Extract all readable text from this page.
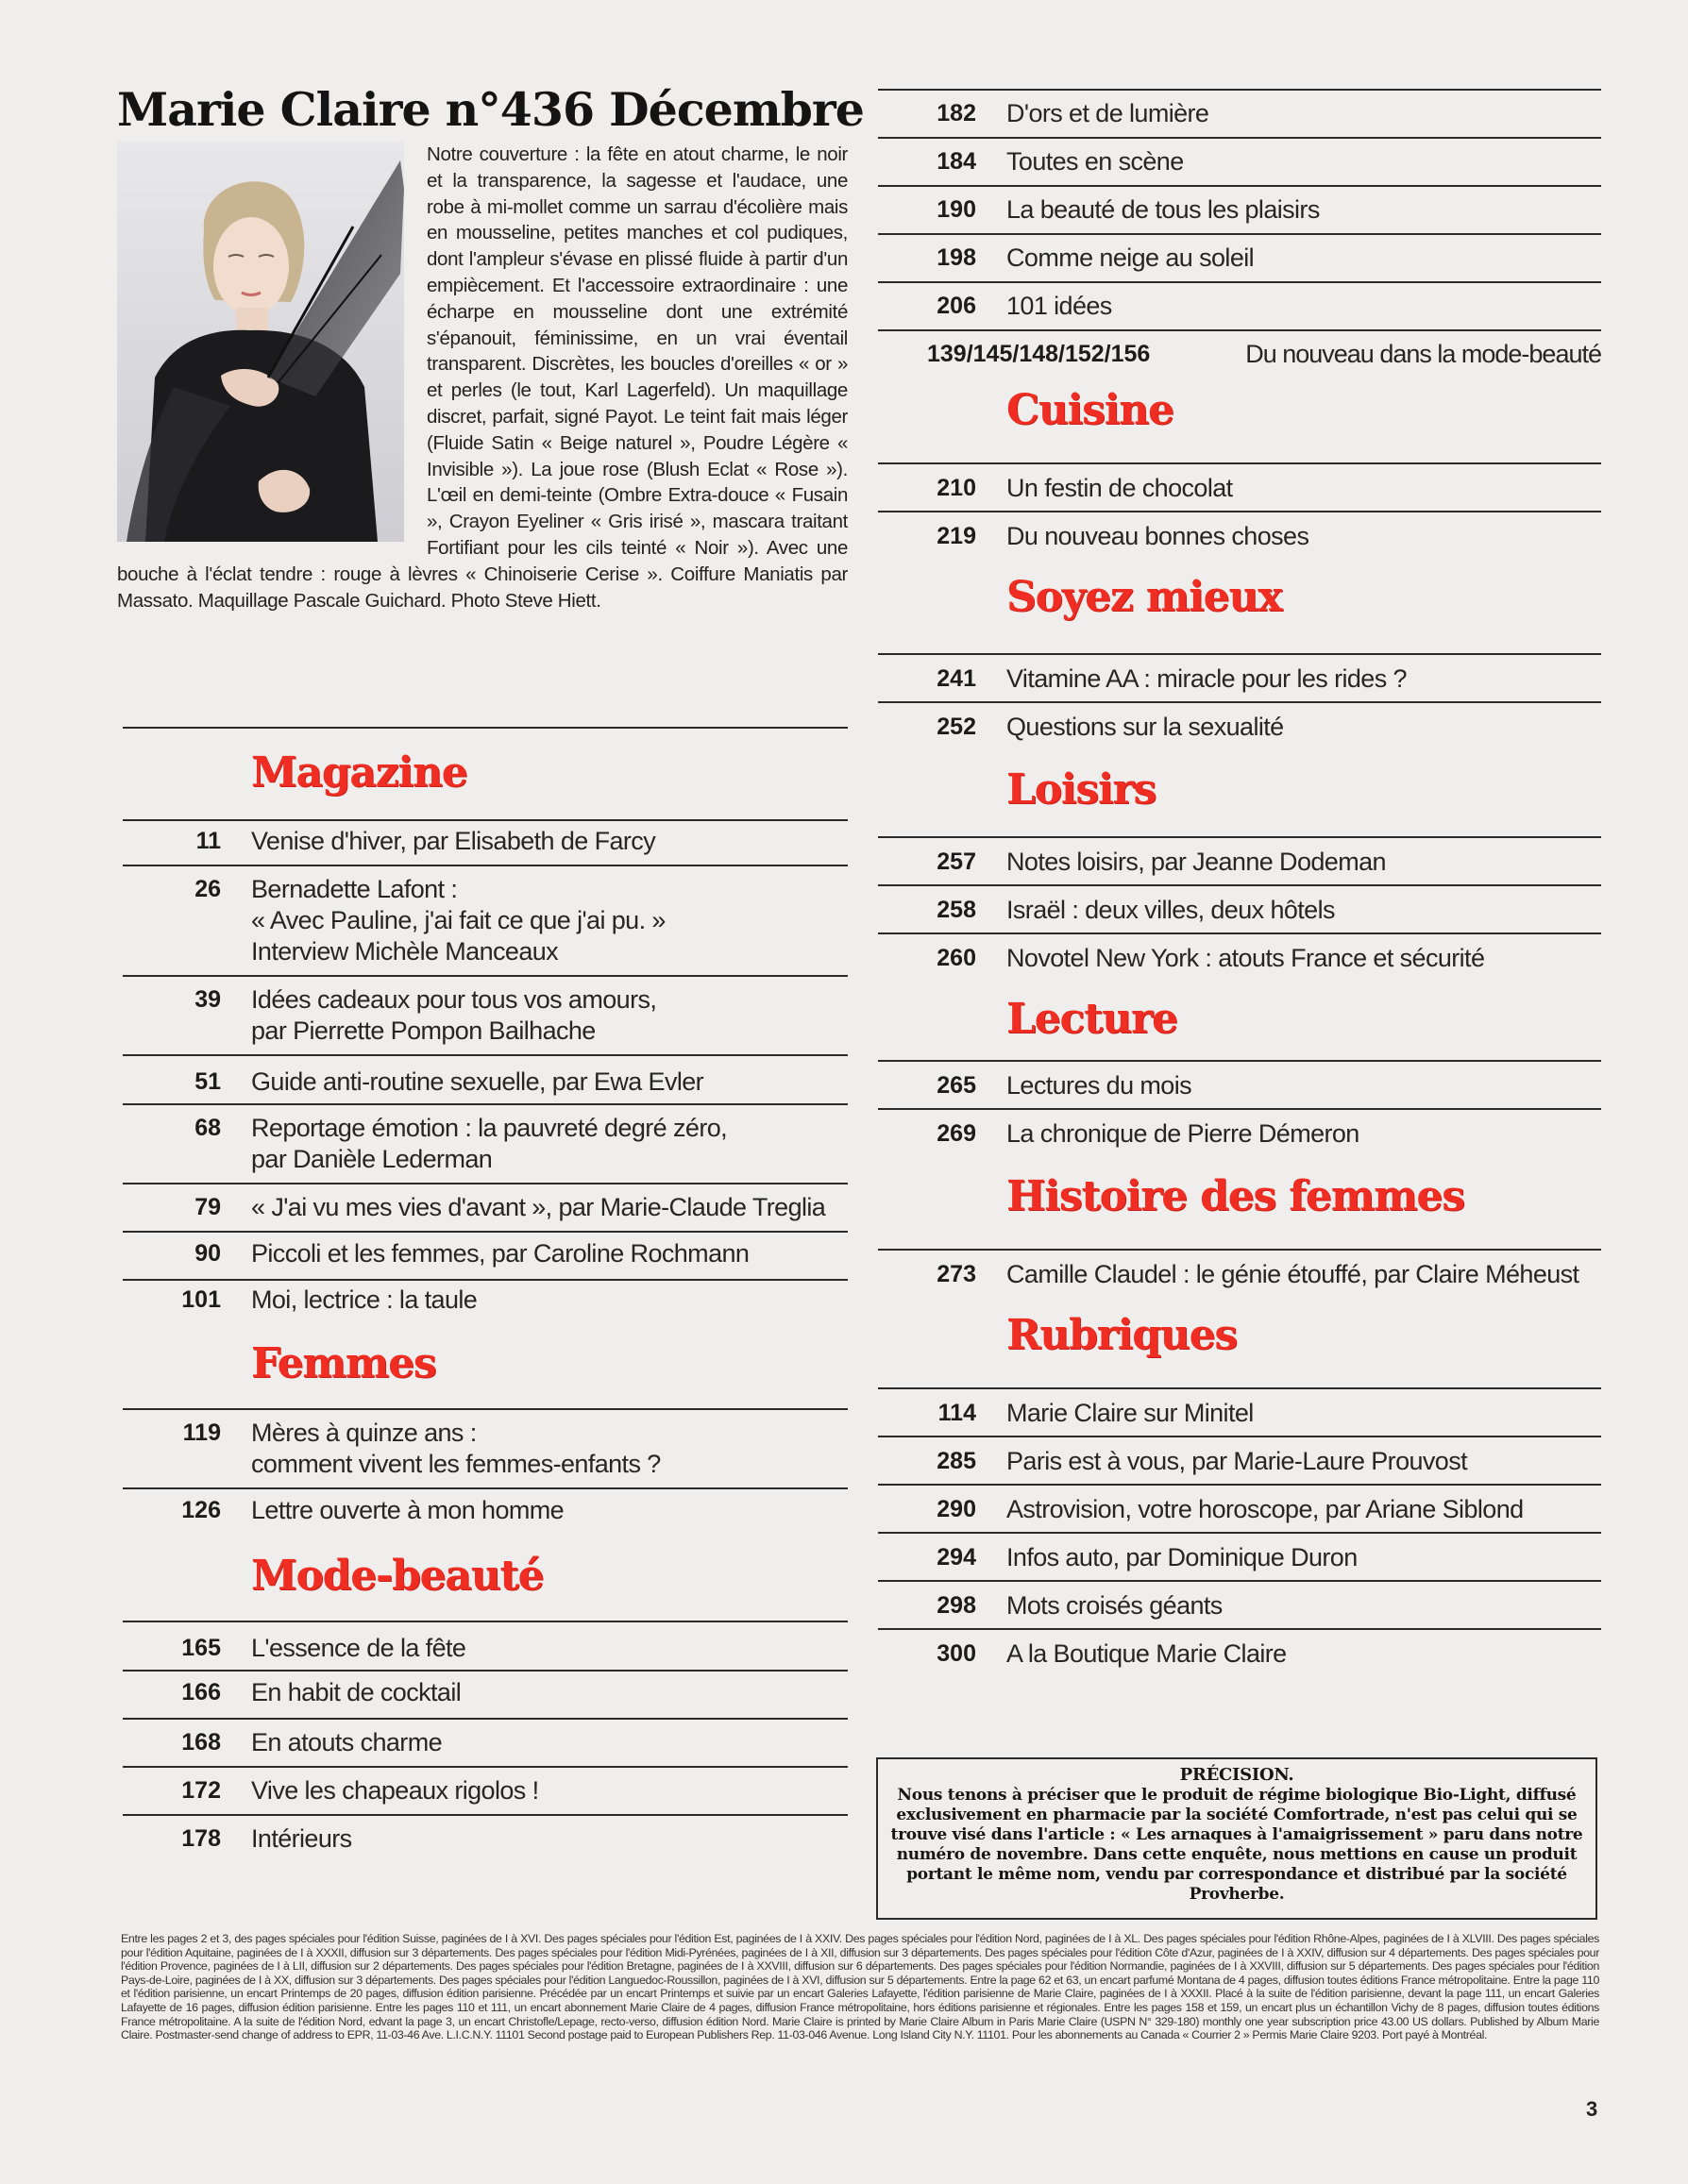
Marie Claire n°436 Décembre

Notre couverture : la fête en atout charme, le noir et la transparence, la sagesse et l'audace, une robe à mi-mollet comme un sarrau d'écolière mais en mousseline, petites manches et col pudiques, dont l'ampleur s'évase en plissé fluide à partir d'un empiècement. Et l'accessoire extraordinaire : une écharpe en mousseline dont une extrémité s'épanouit, féminissime, en un vrai éventail transparent. Discrètes, les boucles d'oreilles « or » et perles (le tout, Karl Lagerfeld). Un maquillage discret, parfait, signé Payot. Le teint fait mais léger (Fluide Satin « Beige naturel », Poudre Légère « Invisible »). La joue rose (Blush Eclat « Rose »). L'œil en demi-teinte (Ombre Extra-douce « Fusain », Crayon Eyeliner « Gris irisé », mascara traitant Fortifiant pour les cils teinté « Noir »). Avec une bouche à l'éclat tendre : rouge à lèvres « Chinoiserie Cerise ». Coiffure Maniatis par Massato. Maquillage Pascale Guichard. Photo Steve Hiett.

Magazine
11	Venise d'hiver, par Elisabeth de Farcy
26	Bernadette Lafont :
« Avec Pauline, j'ai fait ce que j'ai pu. »
Interview Michèle Manceaux
39	Idées cadeaux pour tous vos amours,
par Pierrette Pompon Bailhache
51	Guide anti-routine sexuelle, par Ewa Evler
68	Reportage émotion : la pauvreté degré zéro,
par Danièle Lederman
79	« J'ai vu mes vies d'avant », par Marie-Claude Treglia
90	Piccoli et les femmes, par Caroline Rochmann
101	Moi, lectrice : la taule
Femmes
119	Mères à quinze ans :
comment vivent les femmes-enfants ?
126	Lettre ouverte à mon homme
Mode-beauté
165	L'essence de la fête
166	En habit de cocktail
168	En atouts charme
172	Vive les chapeaux rigolos !
178	Intérieurs
182	D'ors et de lumière
184	Toutes en scène
190	La beauté de tous les plaisirs
198	Comme neige au soleil
206	101 idées
139/145/148/152/156	Du nouveau dans la mode-beauté
Cuisine
210	Un festin de chocolat
219	Du nouveau bonnes choses
Soyez mieux
241	Vitamine AA : miracle pour les rides ?
252	Questions sur la sexualité
Loisirs
257	Notes loisirs, par Jeanne Dodeman
258	Israël : deux villes, deux hôtels
260	Novotel New York : atouts France et sécurité
Lecture
265	Lectures du mois
269	La chronique de Pierre Démeron
Histoire des femmes
273	Camille Claudel : le génie étouffé, par Claire Méheust
Rubriques
114	Marie Claire sur Minitel
285	Paris est à vous, par Marie-Laure Prouvost
290	Astrovision, votre horoscope, par Ariane Siblond
294	Infos auto, par Dominique Duron
298	Mots croisés géants
300	A la Boutique Marie Claire
PRÉCISION.
Nous tenons à préciser que le produit de régime biologique Bio-Light, diffusé exclusivement en pharmacie par la société Comfortrade, n'est pas celui qui se trouve visé dans l'article : « Les arnaques à l'amaigrissement » paru dans notre numéro de novembre. Dans cette enquête, nous mettions en cause un produit portant le même nom, vendu par correspondance et distribué par la société Provherbe.

Entre les pages 2 et 3, des pages spéciales pour l'édition Suisse, paginées de I à XVI. Des pages spéciales pour l'édition Est, paginées de I à XXIV. Des pages spéciales pour l'édition Nord, paginées de I à XL. Des pages spéciales pour l'édition Rhône-Alpes, paginées de I à XLVIII. Des pages spéciales pour l'édition Aquitaine, paginées de I à XXXII, diffusion sur 3 départements. Des pages spéciales pour l'édition Midi-Pyrénées, paginées de I à XII, diffusion sur 3 départements. Des pages spéciales pour l'édition Côte d'Azur, paginées de I à XXIV, diffusion sur 4 départements. Des pages spéciales pour l'édition Provence, paginées de I à LII, diffusion sur 2 départements. Des pages spéciales pour l'édition Bretagne, paginées de I à XXVIII, diffusion sur 6 départements. Des pages spéciales pour l'édition Normandie, paginées de I à XXVIII, diffusion sur 5 départements. Des pages spéciales pour l'édition Pays-de-Loire, paginées de I à XX, diffusion sur 3 départements. Des pages spéciales pour l'édition Languedoc-Roussillon, paginées de I à XVI, diffusion sur 5 départements. Entre la page 62 et 63, un encart parfumé Montana de 4 pages, diffusion toutes éditions France métropolitaine. Entre la page 110 et l'édition parisienne, un encart Printemps de 20 pages, diffusion édition parisienne. Précédée par un encart Printemps et suivie par un encart Galeries Lafayette, l'édition parisienne de Marie Claire, paginées de I à XXXII. Placé à la suite de l'édition parisienne, devant la page 111, un encart Galeries Lafayette de 16 pages, diffusion édition parisienne. Entre les pages 110 et 111, un encart abonnement Marie Claire de 4 pages, diffusion France métropolitaine, hors éditions parisienne et régionales. Entre les pages 158 et 159, un encart plus un échantillon Vichy de 8 pages, diffusion toutes éditions France métropolitaine. A la suite de l'édition Nord, edvant la page 3, un encart Christofle/Lepage, recto-verso, diffusion édition Nord. Marie Claire is printed by Marie Claire Album in Paris Marie Claire (USPN N° 329-180) monthly one year subscription price 43.00 US dollars. Published by Album Marie Claire. Postmaster-send change of address to EPR, 11-03-46 Ave. L.I.C.N.Y. 11101 Second postage paid to European Publishers Rep. 11-03-046 Avenue. Long Island City N.Y. 11101. Pour les abonnements au Canada « Courrier 2 » Permis Marie Claire 9203. Port payé à Montréal.

3
